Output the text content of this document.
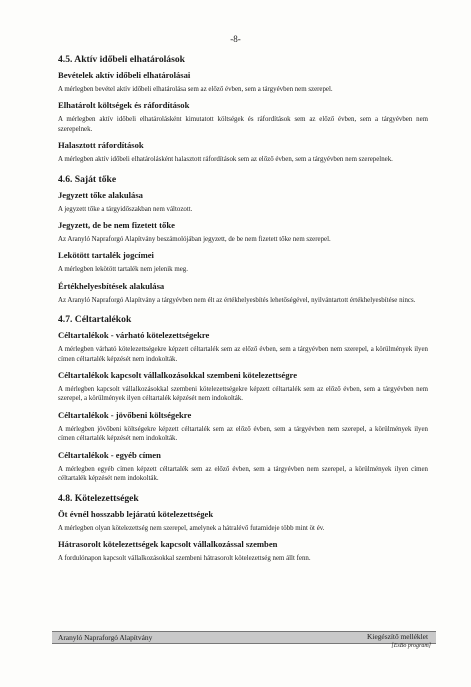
-8-
4.5. Aktív időbeli elhatárolások
Bevételek aktív időbeli elhatárolásai

A mérlegben bevétel aktív időbeli elhatárolása sem az előző évben, sem a tárgyévben nem szerepel.

Elhatárolt költségek és ráfordítások

A mérlegben aktív időbeli elhatárolásként kimutatott költségek és ráfordítások sem az előző évben, sem a tárgyévben nem szerepelnek.

Halasztott ráfordítások

A mérlegben aktív időbeli elhatárolásként halasztott ráfordítások sem az előző évben, sem a tárgyévben nem szerepelnek.

4.6. Saját tőke
Jegyzett tőke alakulása

A jegyzett tőke a tárgyidőszakban nem változott.

Jegyzett, de be nem fizetett tőke

Az Aranyló Napraforgó Alapítvány beszámolójában jegyzett, de be nem fizetett tőke nem szerepel.

Lekötött tartalék jogcímei

A mérlegben lekötött tartalék nem jelenik meg.

Értékhelyesbítések alakulása

Az Aranyló Napraforgó Alapítvány a tárgyévben nem élt az értékhelyesbítés lehetőségével, nyilvántartott értékhelyesbítése nincs.

4.7. Céltartalékok
Céltartalékok - várható kötelezettségekre

A mérlegben várható kötelezettségekre képzett céltartalék sem az előző évben, sem a tárgyévben nem szerepel, a körülmények ilyen címen céltartalék képzését nem indokolták.

Céltartalékok kapcsolt vállalkozásokkal szembeni kötelezettségre

A mérlegben kapcsolt vállalkozásokkal szembeni kötelezettségekre képzett céltartalék sem az előző évben, sem a tárgyévben nem szerepel, a körülmények ilyen céltartalék képzését nem indokolták.

Céltartalékok - jövőbeni költségekre

A mérlegben jövőbeni költségekre képzett céltartalék sem az előző évben, sem a tárgyévben nem szerepel, a körülmények ilyen címen céltartalék képzését nem indokolták.

Céltartalékok - egyéb címen

A mérlegben egyéb címen képzett céltartalék sem az előző évben, sem a tárgyévben nem szerepel, a körülmények ilyen címen céltartalék képzését nem indokolták.

4.8. Kötelezettségek
Öt évnél hosszabb lejáratú kötelezettségek

A mérlegben olyan kötelezettség nem szerepel, amelynek a hátralévő futamideje több mint öt év.

Hátrasorolt kötelezettségek kapcsolt vállalkozással szemben

A fordulónapon kapcsolt vállalkozásokkal szembeni hátrasorolt kötelezettség nem állt fenn.

Aranyló Napraforgó Alapítvány	Kiegészítő melléklet
[EsBo program]
